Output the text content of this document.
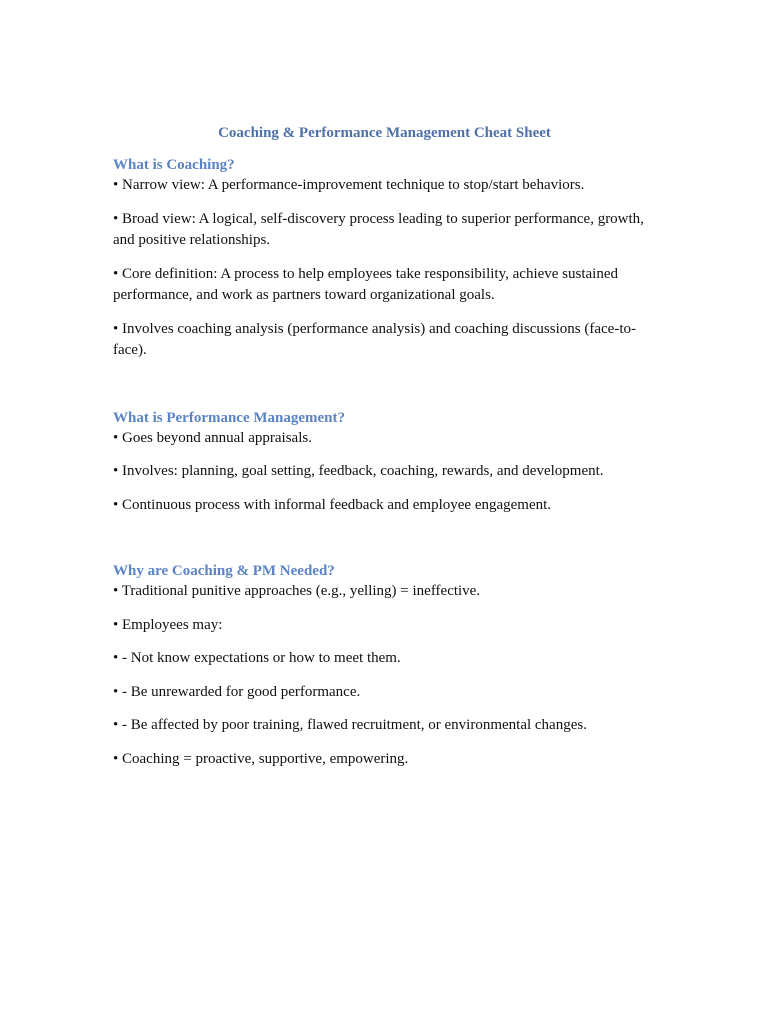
Coaching & Performance Management Cheat Sheet
What is Coaching?
• Narrow view: A performance-improvement technique to stop/start behaviors.
• Broad view: A logical, self-discovery process leading to superior performance, growth, and positive relationships.
• Core definition: A process to help employees take responsibility, achieve sustained performance, and work as partners toward organizational goals.
• Involves coaching analysis (performance analysis) and coaching discussions (face-to-face).
What is Performance Management?
• Goes beyond annual appraisals.
• Involves: planning, goal setting, feedback, coaching, rewards, and development.
• Continuous process with informal feedback and employee engagement.
Why are Coaching & PM Needed?
• Traditional punitive approaches (e.g., yelling) = ineffective.
• Employees may:
• - Not know expectations or how to meet them.
• - Be unrewarded for good performance.
• - Be affected by poor training, flawed recruitment, or environmental changes.
• Coaching = proactive, supportive, empowering.
